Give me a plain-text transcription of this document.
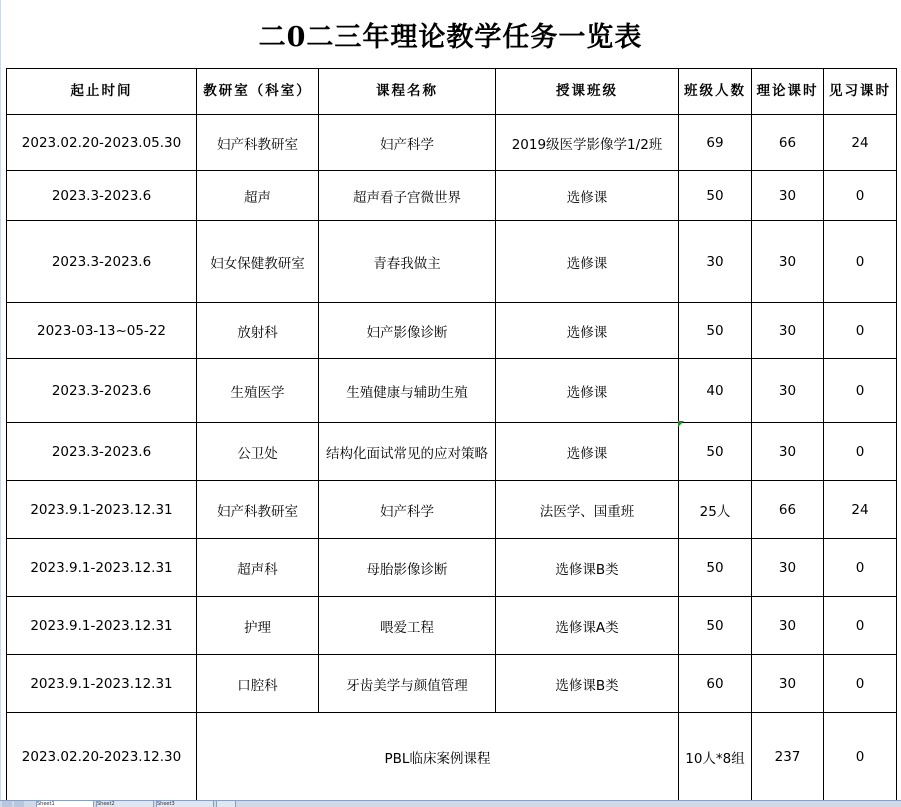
二0二三年理论教学任务一览表
起止时间	教研室（科室）	课程名称	授课班级	班级人数	理论课时	见习课时
2023.02.20-2023.05.30	妇产科教研室	妇产科学	2019级医学影像学1/2班	69	66	24
2023.3-2023.6	超声	超声看子宫微世界	选修课	50	30	0
2023.3-2023.6	妇女保健教研室	青春我做主	选修课	30	30	0
2023-03-13~05-22	放射科	妇产影像诊断	选修课	50	30	0
2023.3-2023.6	生殖医学	生殖健康与辅助生殖	选修课	40	30	0
2023.3-2023.6	公卫处	结构化面试常见的应对策略	选修课	50	30	0
2023.9.1-2023.12.31	妇产科教研室	妇产科学	法医学、国重班	25人	66	24
2023.9.1-2023.12.31	超声科	母胎影像诊断	选修课B类	50	30	0
2023.9.1-2023.12.31	护理	喂爱工程	选修课A类	50	30	0
2023.9.1-2023.12.31	口腔科	牙齿美学与颜值管理	选修课B类	60	30	0
2023.02.20-2023.12.30	PBL临床案例课程			10人*8组	237	0
Sheet1	Sheet2	Sheet3
